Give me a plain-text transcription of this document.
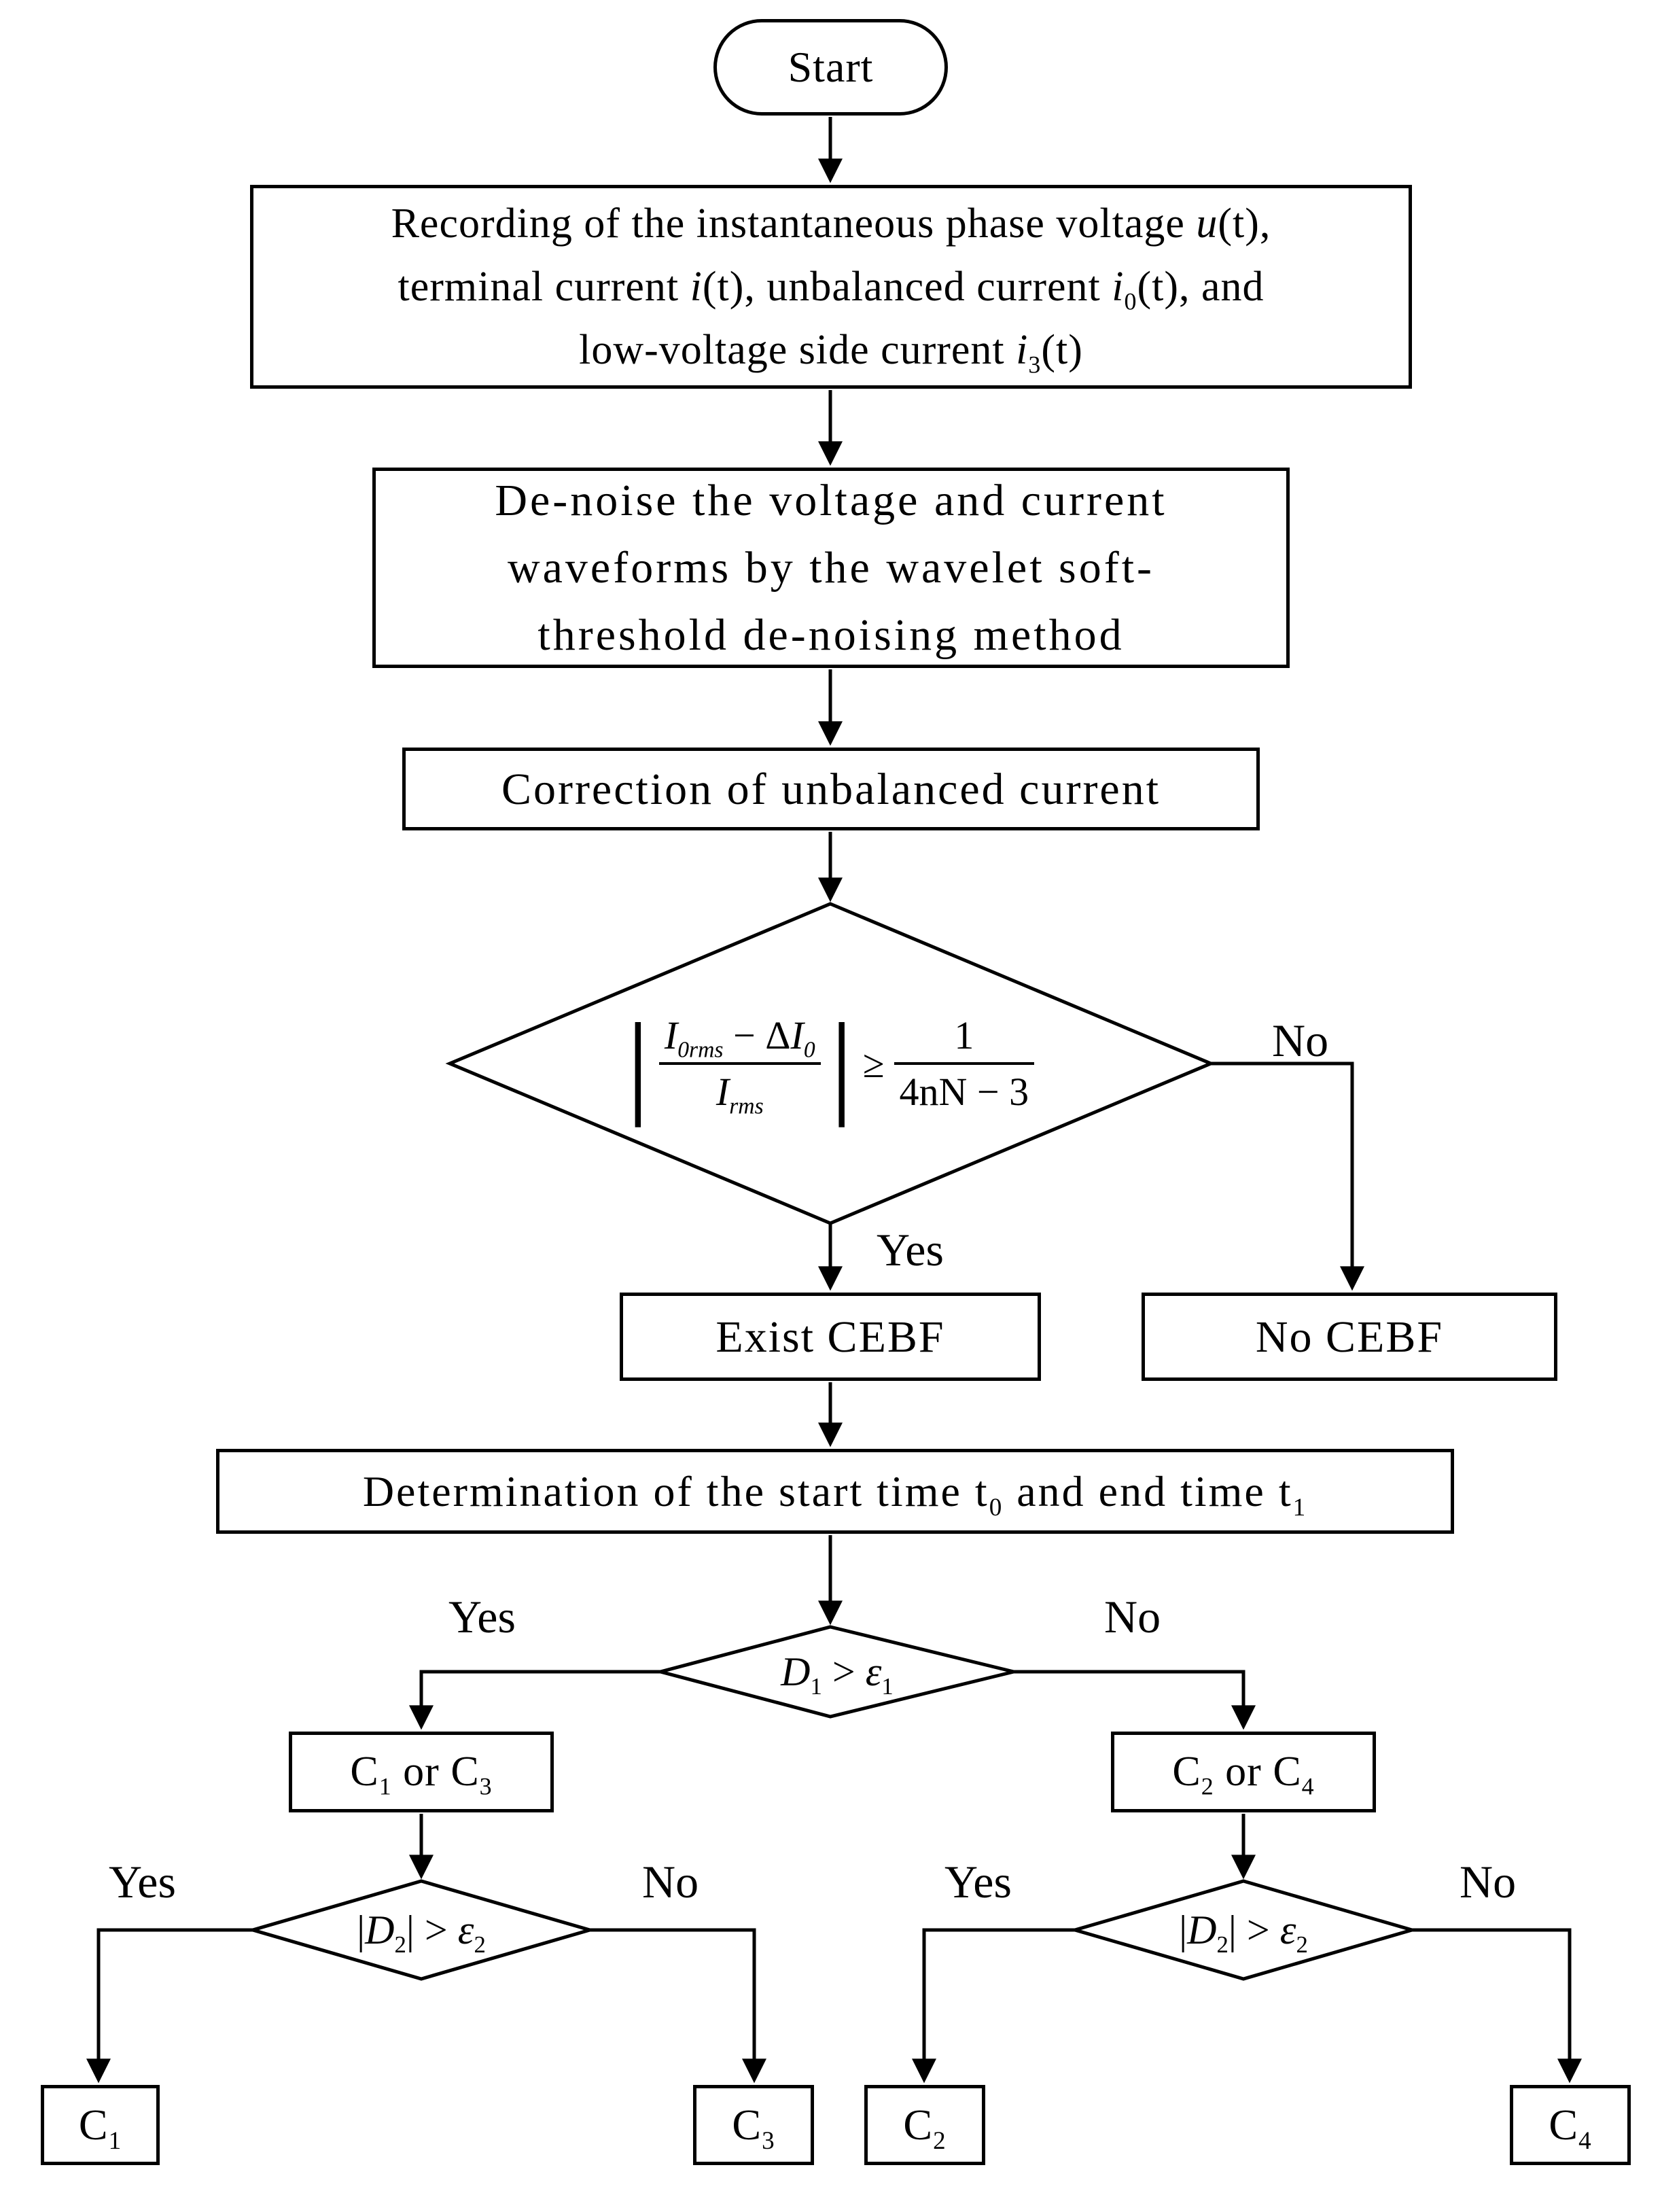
Start
Recording of the instantaneous phase voltage u(t),
terminal current i(t), unbalanced current $i_0(t)$, and
low-voltage side current $i_3(t)$
De-noise the voltage and current
waveforms by the wavelet soft-
threshold de-noising method
Correction of unbalanced current
| $\frac{I_{0rms} - \Delta I_0}{I_{rms}}$ | ≥ $\frac{1}{4nN - 3}$
Exist CEBF	No CEBF
Determination of the start time $t_0$ and end time $t_1$
$D_1 > \varepsilon_1$
$C_1$ or $C_3$	$C_2$ or $C_4$
$|D_2| > \varepsilon_2$	$|D_2| > \varepsilon_2$
$C_1$	$C_3$	$C_2$	$C_4$
No
Yes
Yes	No
Yes	No	Yes	No
